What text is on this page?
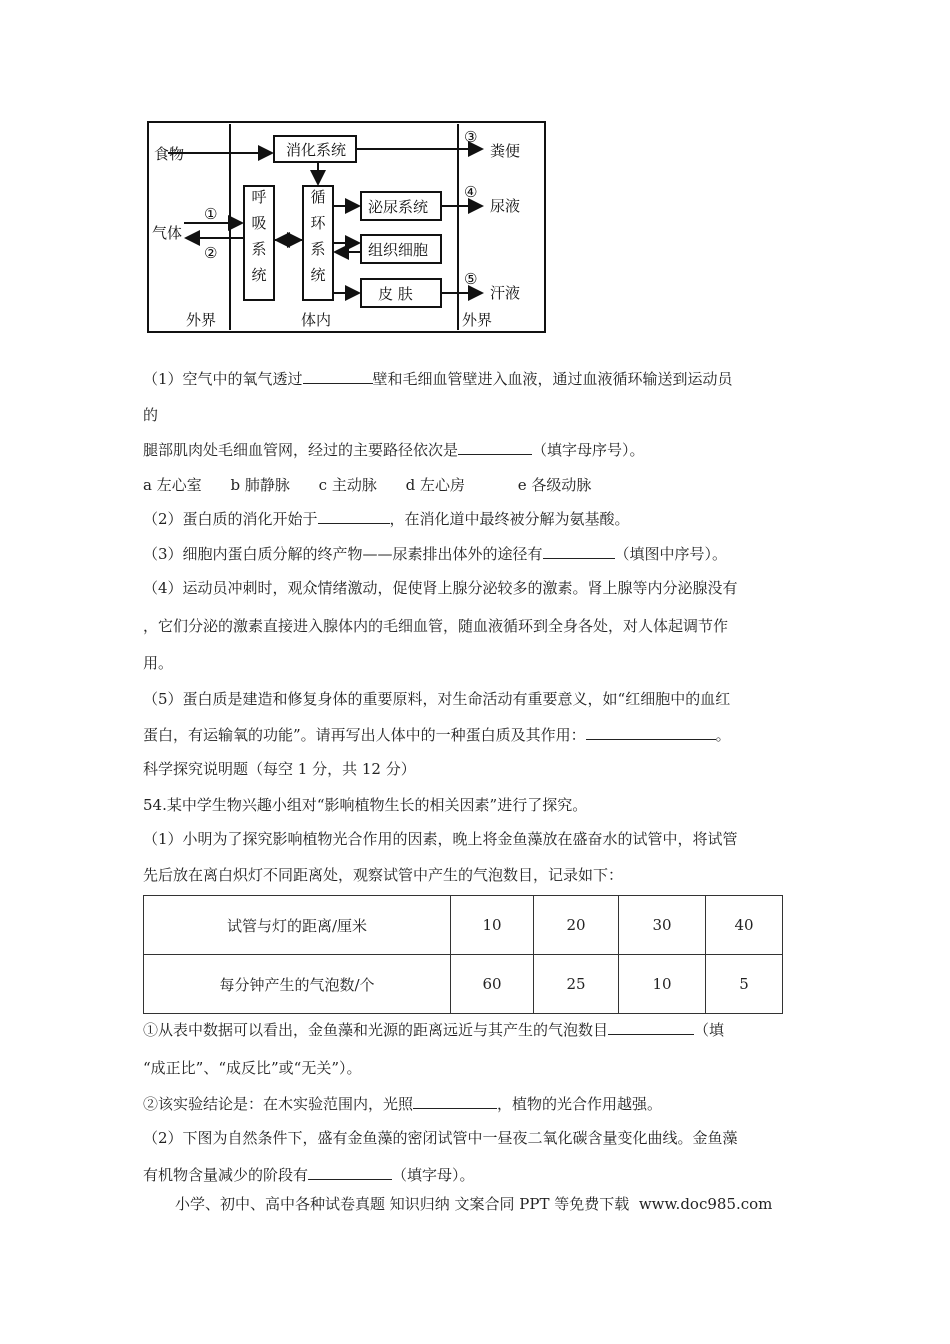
食物
气体
①
②
消化系统
泌尿系统
组织细胞
皮 肤
③
④
⑤
粪便
尿液
汗液
外界	体内	外界
呼吸系统
循环系统
（1）空气中的氧气透过	壁和毛细血管壁进入血液，通过血液循环输送到运动员
的
腿部肌肉处毛细血管网，经过的主要路径依次是	（填字母序号）。
a 左心室 b 肺静脉 c 主动脉 d 左心房	e 各级动脉
（2）蛋白质的消化开始于	，在消化道中最终被分解为氨基酸。
（3）细胞内蛋白质分解的终产物——尿素排出体外的途径有	（填图中序号）。
（4）运动员冲刺时，观众情绪激动，促使肾上腺分泌较多的激素。肾上腺等内分泌腺没有
，它们分泌的激素直接进入腺体内的毛细血管，随血液循环到全身各处，对人体起调节作
用。
（5）蛋白质是建造和修复身体的重要原料，对生命活动有重要意义，如“红细胞中的血红
蛋白，有运输氧的功能”。请再写出人体中的一种蛋白质及其作用：	。
科学探究说明题（每空 1 分，共 12 分）
54.某中学生物兴趣小组对“影响植物生长的相关因素”进行了探究。
（1）小明为了探究影响植物光合作用的因素，晚上将金鱼藻放在盛奋水的试管中，将试管
先后放在离白炽灯不同距离处，观察试管中产生的气泡数目，记录如下：
试管与灯的距离/厘米	10	20	30	40
每分钟产生的气泡数/个	60	25	10	5
①从表中数据可以看出，金鱼藻和光源的距离远近与其产生的气泡数目	（填
“成正比”、“成反比”或“无关”）。
②该实验结论是：在木实验范围内，光照	，植物的光合作用越强。
（2）下图为自然条件下，盛有金鱼藻的密闭试管中一昼夜二氧化碳含量变化曲线。金鱼藻
有机物含量减少的阶段有	（填字母）。
小学、初中、高中各种试卷真题 知识归纳 文案合同 PPT 等免费下载 www.doc985.com
